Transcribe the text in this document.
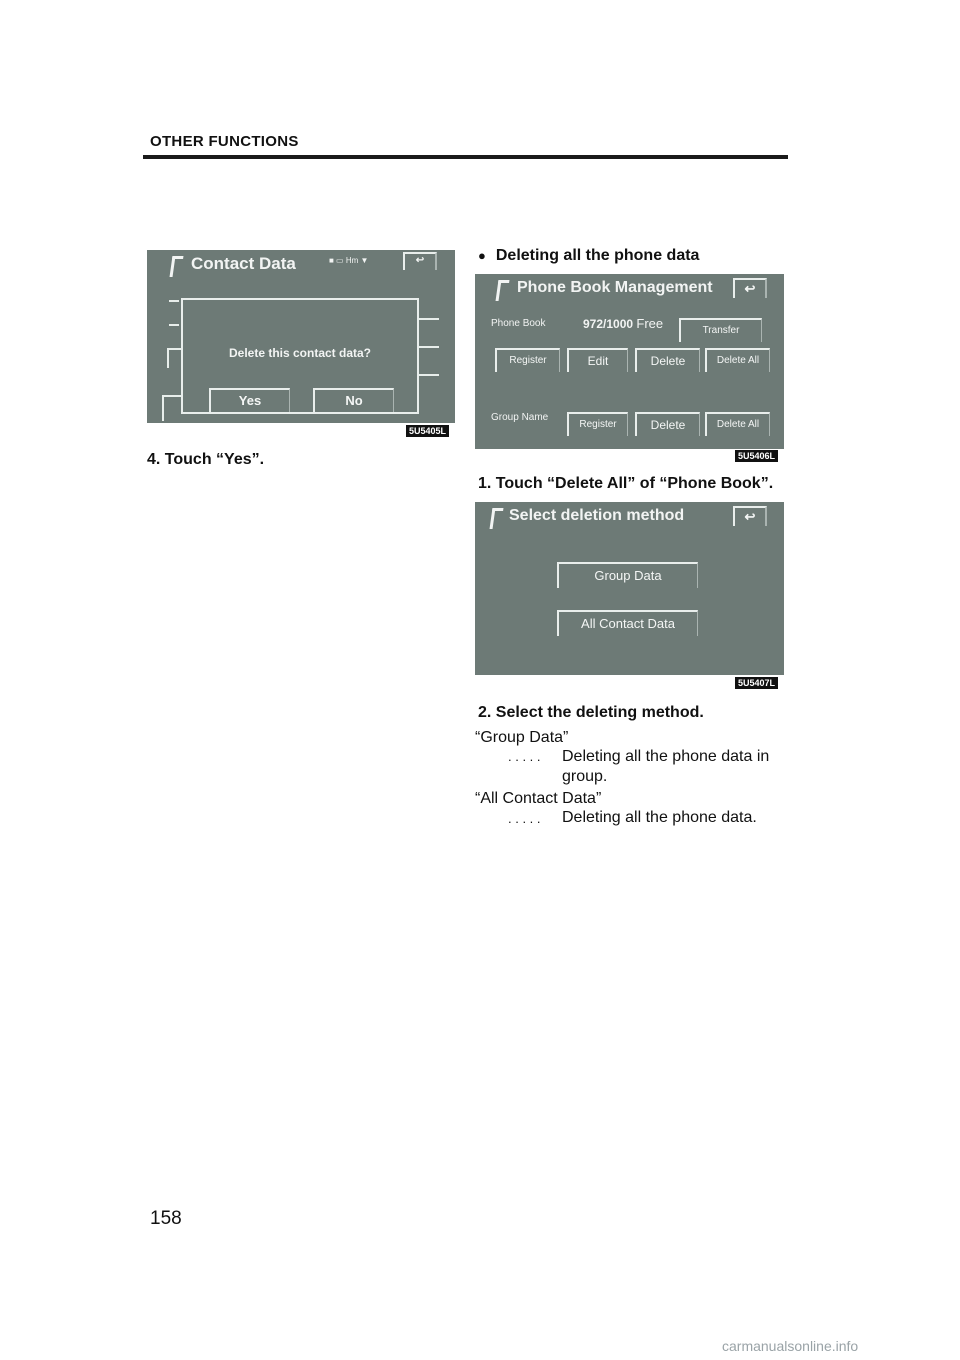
OTHER FUNCTIONS
Contact Data	■ ▭ Hm ▼	↩
Delete this contact data?
Yes	No
5U5405L
4. Touch “Yes”.
● Deleting all the phone data
Phone Book Management	↩
Phone Book	972/1000 Free	Transfer
Register	Edit	Delete	Delete All
Group Name
Register	Delete	Delete All
5U5406L
1. Touch “Delete All” of “Phone Book”.
Select deletion method	↩
Group Data
All Contact Data
5U5407L
2. Select the deleting method.
“Group Data”
. . . . . Deleting all the phone data in group.
“All Contact Data”
. . . . . Deleting all the phone data.
158
carmanualsonline.info
